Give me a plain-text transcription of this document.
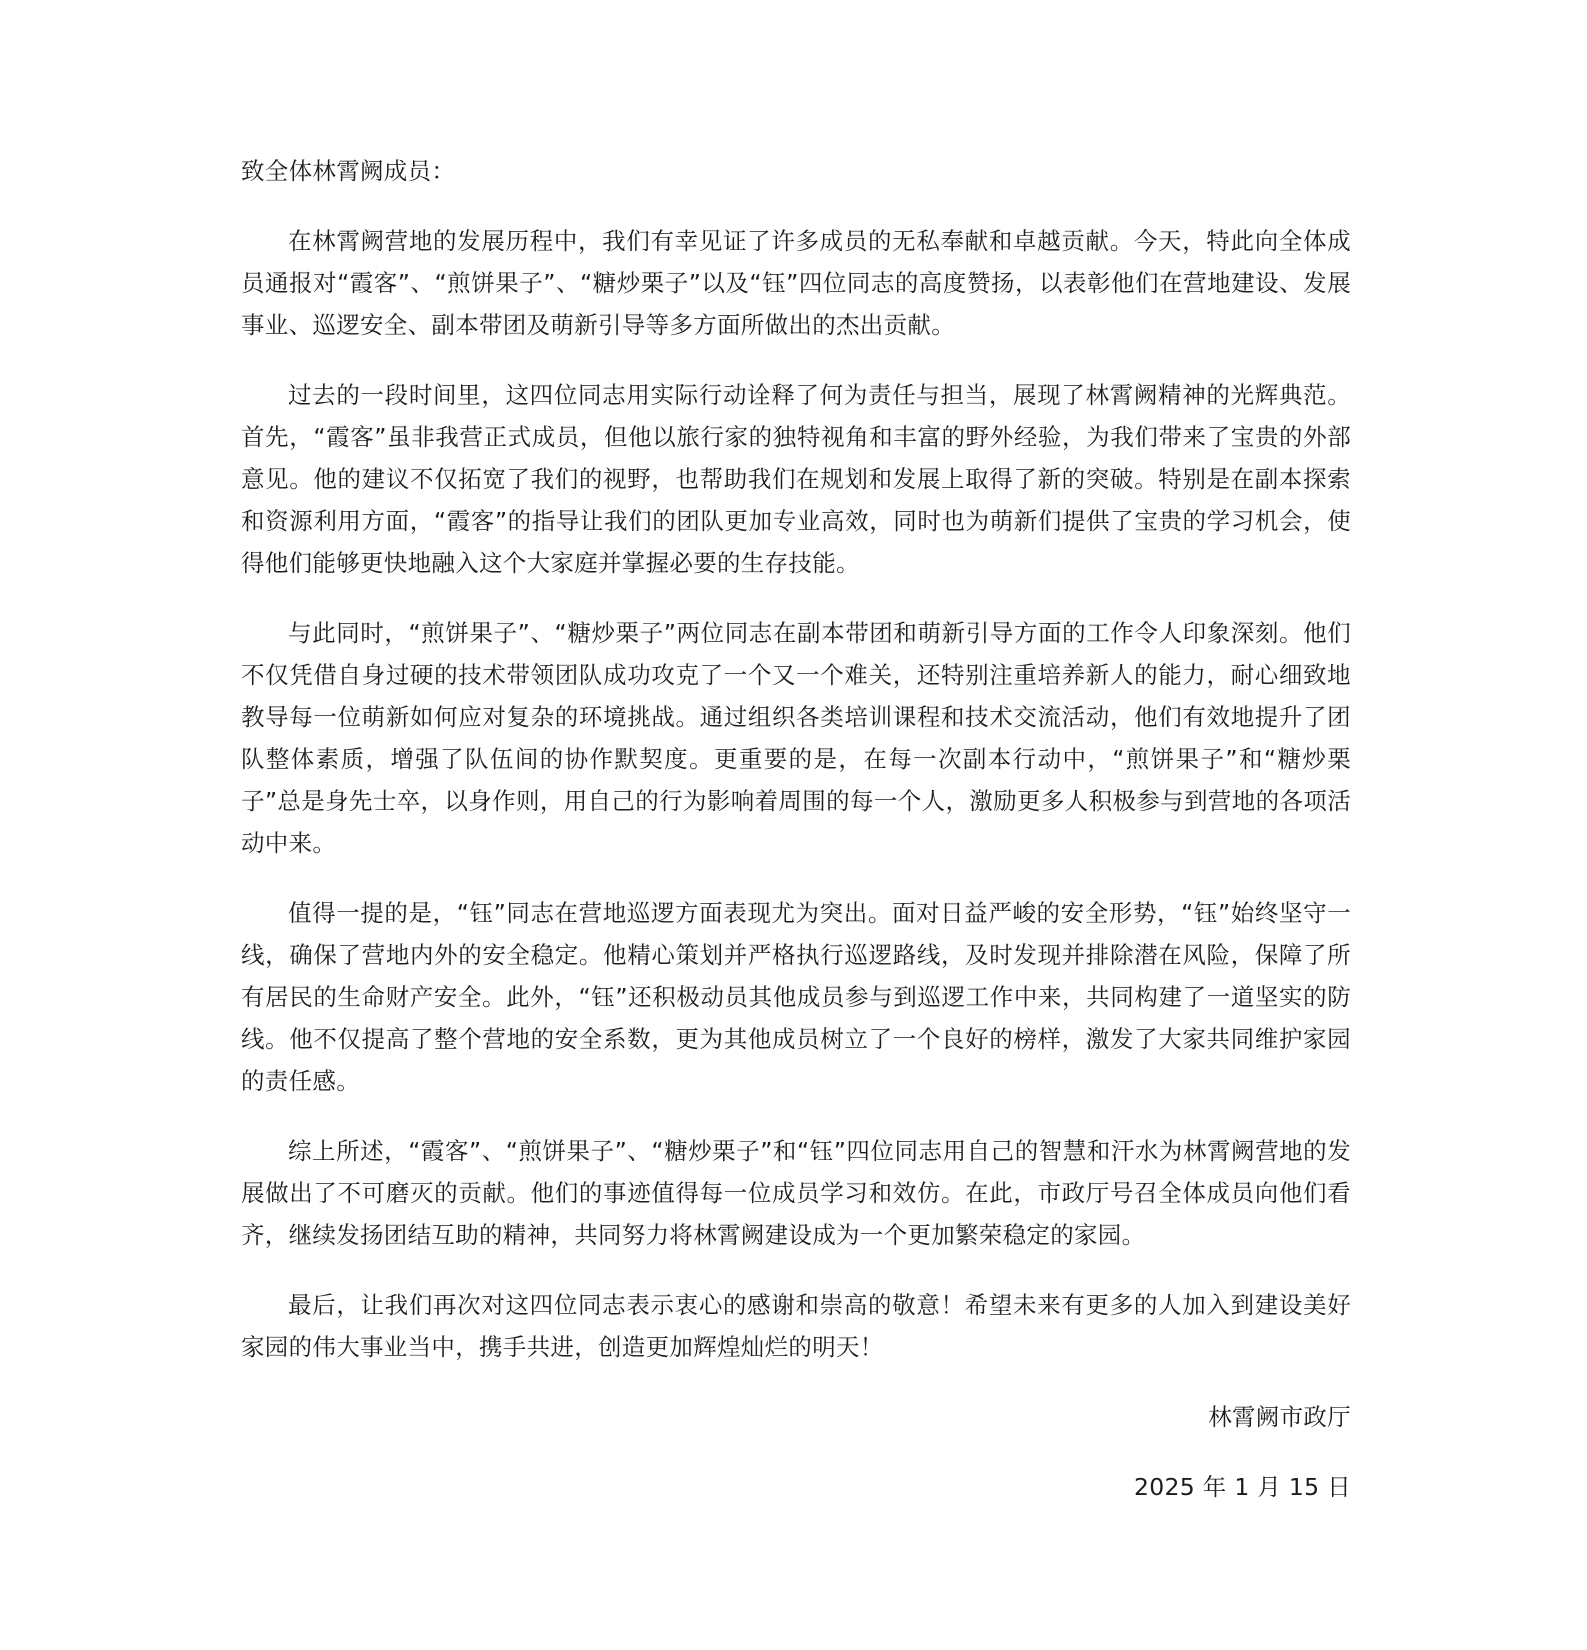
致全体林霄阙成员：

在林霄阙营地的发展历程中，我们有幸见证了许多成员的无私奉献和卓越贡献。今天，特此向全体成员通报对“霞客”、“煎饼果子”、“糖炒栗子”以及“钰”四位同志的高度赞扬，以表彰他们在营地建设、发展事业、巡逻安全、副本带团及萌新引导等多方面所做出的杰出贡献。

过去的一段时间里，这四位同志用实际行动诠释了何为责任与担当，展现了林霄阙精神的光辉典范。首先，“霞客”虽非我营正式成员，但他以旅行家的独特视角和丰富的野外经验，为我们带来了宝贵的外部意见。他的建议不仅拓宽了我们的视野，也帮助我们在规划和发展上取得了新的突破。特别是在副本探索和资源利用方面，“霞客”的指导让我们的团队更加专业高效，同时也为萌新们提供了宝贵的学习机会，使得他们能够更快地融入这个大家庭并掌握必要的生存技能。

与此同时，“煎饼果子”、“糖炒栗子”两位同志在副本带团和萌新引导方面的工作令人印象深刻。他们不仅凭借自身过硬的技术带领团队成功攻克了一个又一个难关，还特别注重培养新人的能力，耐心细致地教导每一位萌新如何应对复杂的环境挑战。通过组织各类培训课程和技术交流活动，他们有效地提升了团队整体素质，增强了队伍间的协作默契度。更重要的是，在每一次副本行动中，“煎饼果子”和“糖炒栗子”总是身先士卒，以身作则，用自己的行为影响着周围的每一个人，激励更多人积极参与到营地的各项活动中来。

值得一提的是，“钰”同志在营地巡逻方面表现尤为突出。面对日益严峻的安全形势，“钰”始终坚守一线，确保了营地内外的安全稳定。他精心策划并严格执行巡逻路线，及时发现并排除潜在风险，保障了所有居民的生命财产安全。此外，“钰”还积极动员其他成员参与到巡逻工作中来，共同构建了一道坚实的防线。他不仅提高了整个营地的安全系数，更为其他成员树立了一个良好的榜样，激发了大家共同维护家园的责任感。

综上所述，“霞客”、“煎饼果子”、“糖炒栗子”和“钰”四位同志用自己的智慧和汗水为林霄阙营地的发展做出了不可磨灭的贡献。他们的事迹值得每一位成员学习和效仿。在此，市政厅号召全体成员向他们看齐，继续发扬团结互助的精神，共同努力将林霄阙建设成为一个更加繁荣稳定的家园。

最后，让我们再次对这四位同志表示衷心的感谢和崇高的敬意！希望未来有更多的人加入到建设美好家园的伟大事业当中，携手共进，创造更加辉煌灿烂的明天！

林霄阙市政厅

2025 年 1 月 15 日
